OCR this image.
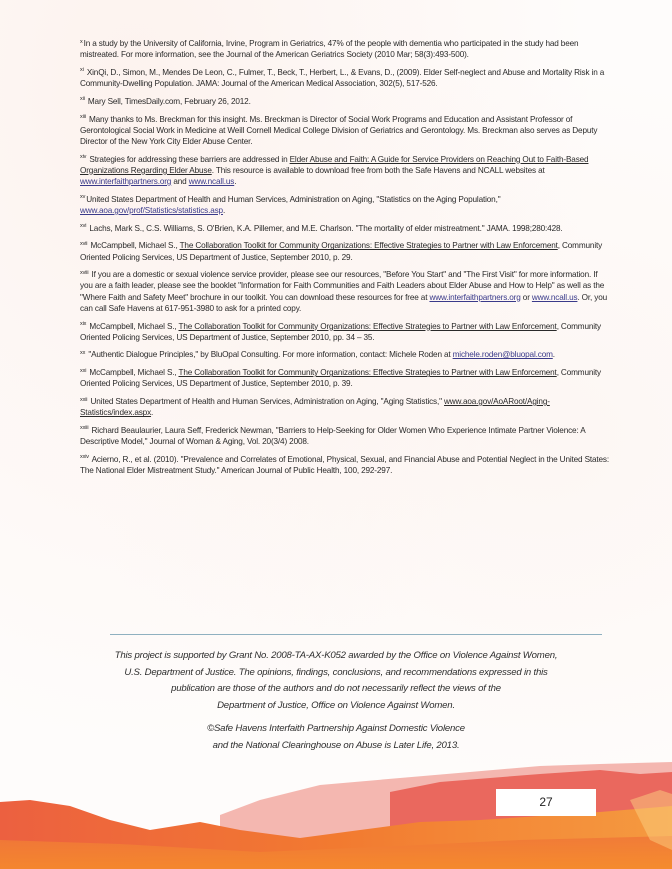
$^x$In a study by the University of California, Irvine, Program in Geriatrics, 47% of the people with dementia who participated in the study had been mistreated. For more information, see the Journal of the American Geriatrics Society (2010 Mar; 58(3):493-500).

$^{xi}$ XinQi, D., Simon, M., Mendes De Leon, C., Fulmer, T., Beck, T., Herbert, L., & Evans, D., (2009). Elder Self-neglect and Abuse and Mortality Risk in a Community-Dwelling Population. JAMA: Journal of the American Medical Association, 302(5), 517-526.

$^{xii}$ Mary Sell, TimesDaily.com, February 26, 2012.

$^{xiii}$ Many thanks to Ms. Breckman for this insight. Ms. Breckman is Director of Social Work Programs and Education and Assistant Professor of Gerontological Social Work in Medicine at Weill Cornell Medical College Division of Geriatrics and Gerontology. Ms. Breckman also serves as Deputy Director of the New York City Elder Abuse Center.

$^{xiv}$ Strategies for addressing these barriers are addressed in Elder Abuse and Faith: A Guide for Service Providers on Reaching Out to Faith-Based Organizations Regarding Elder Abuse. This resource is available to download free from both the Safe Havens and NCALL websites at www.interfaithpartners.org and www.ncall.us.

$^{xv}$United States Department of Health and Human Services, Administration on Aging, "Statistics on the Aging Population," www.aoa.gov/prof/Statistics/statistics.asp.

$^{xvi}$ Lachs, Mark S., C.S. Williams, S. O'Brien, K.A. Pillemer, and M.E. Charlson. "The mortality of elder mistreatment." JAMA. 1998;280:428.

$^{xvii}$ McCampbell, Michael S., The Collaboration Toolkit for Community Organizations: Effective Strategies to Partner with Law Enforcement, Community Oriented Policing Services, US Department of Justice, September 2010, p. 29.

$^{xviii}$ If you are a domestic or sexual violence service provider, please see our resources, "Before You Start" and "The First Visit" for more information. If you are a faith leader, please see the booklet "Information for Faith Communities and Faith Leaders about Elder Abuse and How to Help" as well as the "Where Faith and Safety Meet" brochure in our toolkit. You can download these resources for free at www.interfaithpartners.org or www.ncall.us. Or, you can call Safe Havens at 617-951-3980 to ask for a printed copy.

$^{xix}$ McCampbell, Michael S., The Collaboration Toolkit for Community Organizations: Effective Strategies to Partner with Law Enforcement, Community Oriented Policing Services, US Department of Justice, September 2010, pp. 34 – 35.

$^{xx}$ "Authentic Dialogue Principles," by BluOpal Consulting. For more information, contact: Michele Roden at michele.roden@bluopal.com.

$^{xxi}$ McCampbell, Michael S., The Collaboration Toolkit for Community Organizations: Effective Strategies to Partner with Law Enforcement, Community Oriented Policing Services, US Department of Justice, September 2010, p. 39.

$^{xxii}$ United States Department of Health and Human Services, Administration on Aging, "Aging Statistics," www.aoa.gov/AoARoot/Aging-Statistics/index.aspx.

$^{xxiii}$ Richard Beaulaurier, Laura Seff, Frederick Newman, "Barriers to Help-Seeking for Older Women Who Experience Intimate Partner Violence: A Descriptive Model," Journal of Woman & Aging, Vol. 20(3/4) 2008.

$^{xxiv}$ Acierno, R., et al. (2010). "Prevalence and Correlates of Emotional, Physical, Sexual, and Financial Abuse and Potential Neglect in the United States: The National Elder Mistreatment Study." American Journal of Public Health, 100, 292-297.

This project is supported by Grant No. 2008-TA-AX-K052 awarded by the Office on Violence Against Women,

U.S. Department of Justice. The opinions, findings, conclusions, and recommendations expressed in this

publication are those of the authors and do not necessarily reflect the views of the

Department of Justice, Office on Violence Against Women.

©Safe Havens Interfaith Partnership Against Domestic Violence

and the National Clearinghouse on Abuse is Later Life, 2013.

27
